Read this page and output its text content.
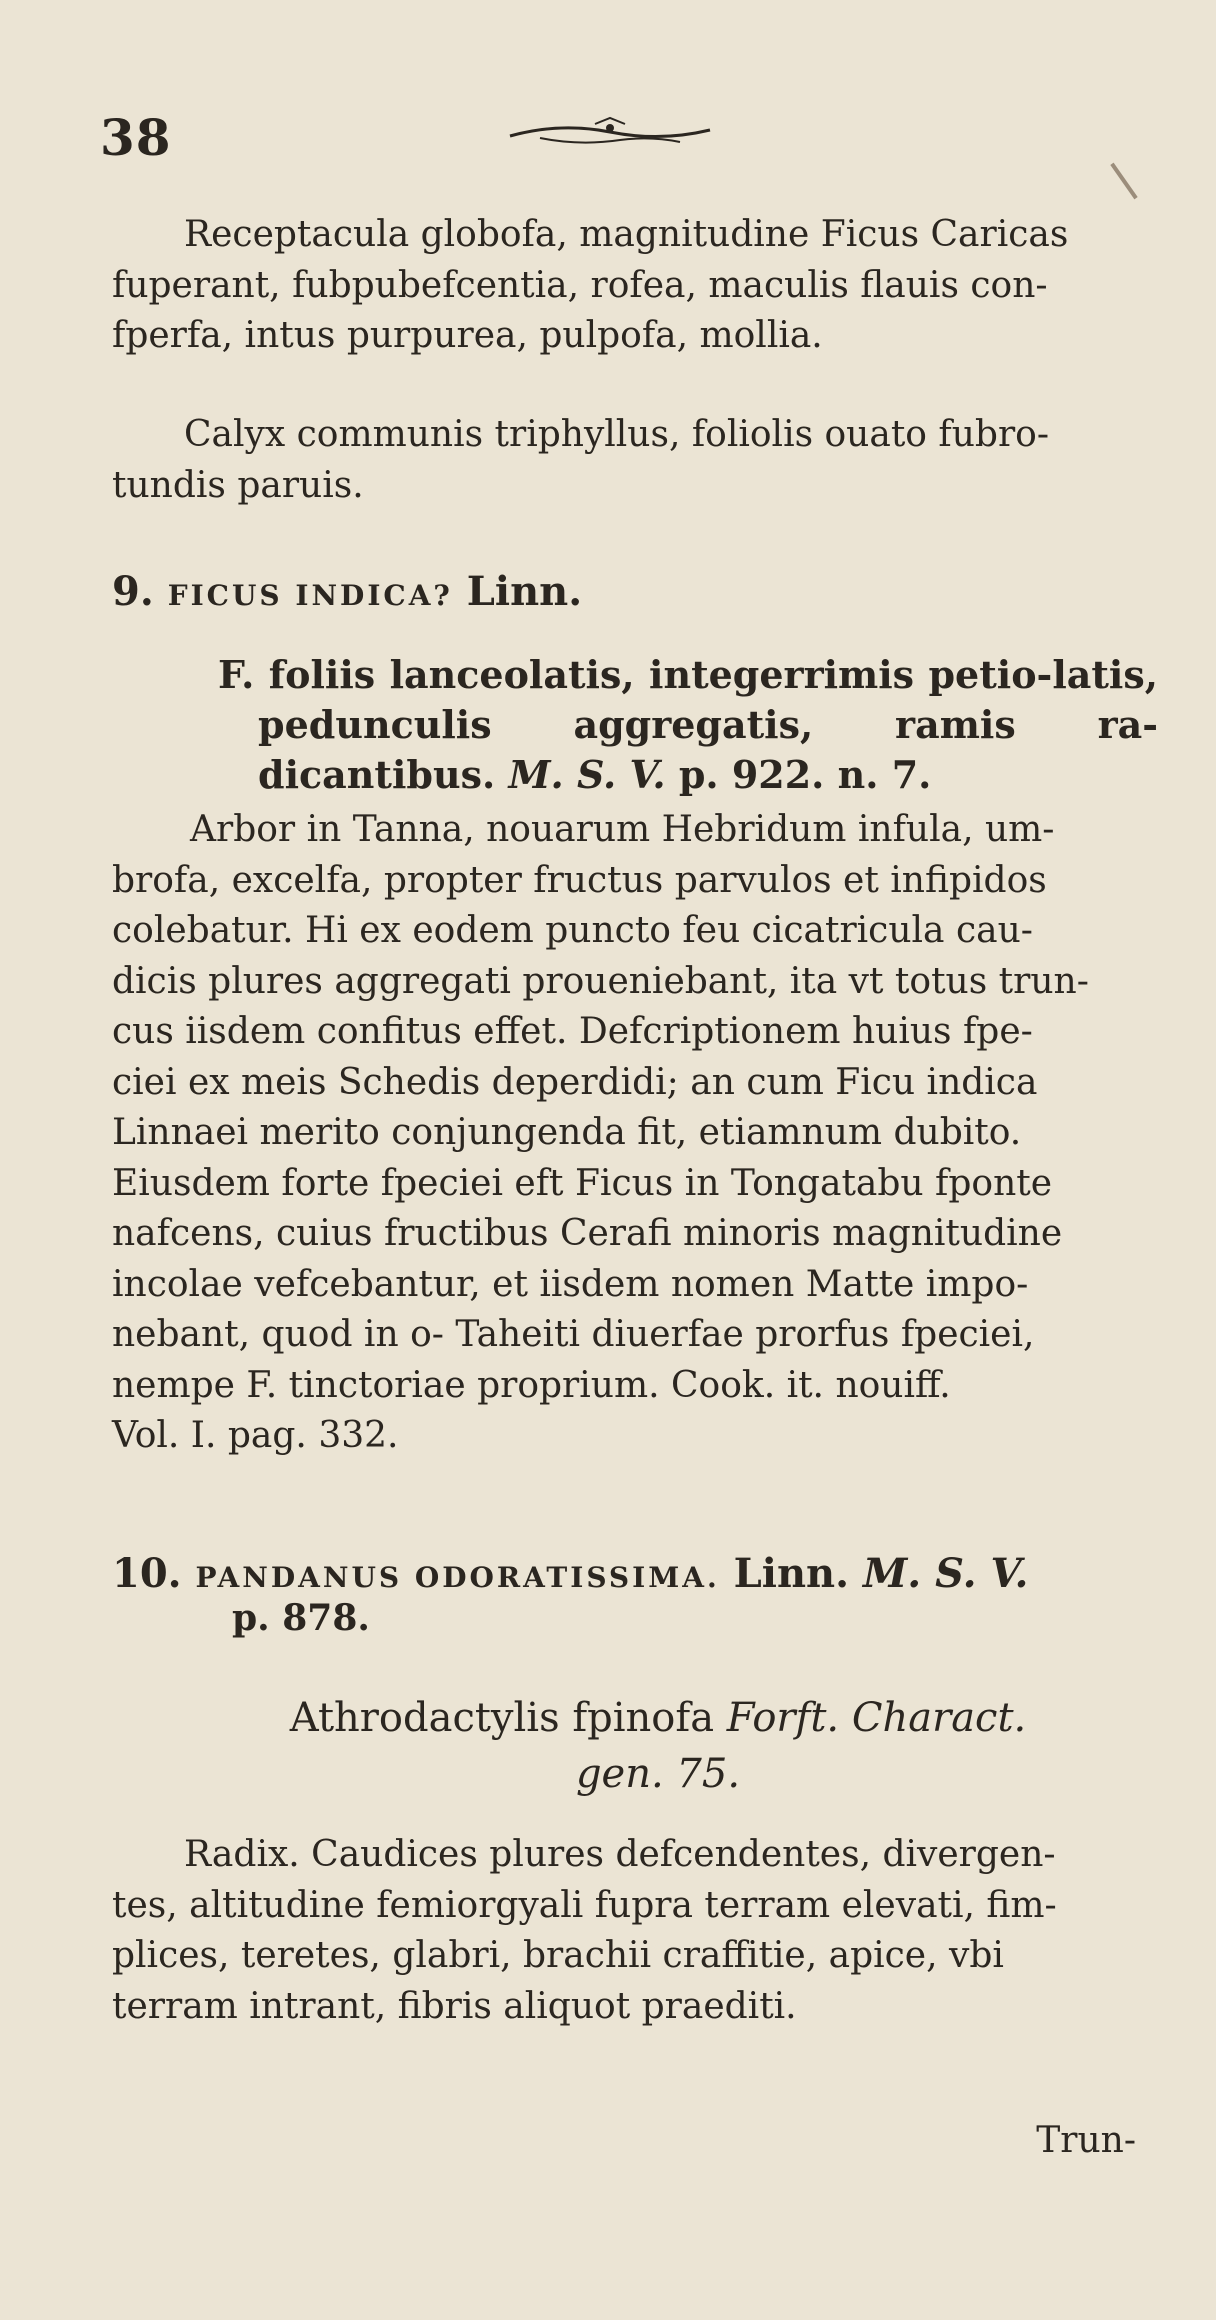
38
Receptacula globofa, magnitudine Ficus Caricas
fuperant, fubpubefcentia, rofea, maculis flauis con-
fperfa, intus purpurea, pulpofa, mollia.
Calyx communis triphyllus, foliolis ouato fubro-
tundis paruis.
9. FICUS INDICA? Linn.
F. foliis lanceolatis, integerrimis petio-latis, pedunculis aggregatis, ramis ra-dicantibus. M. S. V. p. 922. n. 7.
Arbor in Tanna, nouarum Hebridum infula, um-
brofa, excelfa, propter fructus parvulos et infipidos
colebatur. Hi ex eodem puncto feu cicatricula cau-
dicis plures aggregati proueniebant, ita vt totus trun-
cus iisdem confitus effet. Defcriptionem huius fpe-
ciei ex meis Schedis deperdidi; an cum Ficu indica
Linnaei merito conjungenda fit, etiamnum dubito.
Eiusdem forte fpeciei eft Ficus in Tongatabu fponte
nafcens, cuius fructibus Cerafi minoris magnitudine
incolae vefcebantur, et iisdem nomen Matte impo-
nebant, quod in o- Taheiti diuerfae prorfus fpeciei,
nempe F. tinctoriae proprium. Cook. it. nouiff.
Vol. I. pag. 332.
10. PANDANUS ODORATISSIMA. Linn. M. S. V.
p. 878.
Athrodactylis fpinofa Forft. Charact.
gen. 75.
Radix. Caudices plures defcendentes, divergen-
tes, altitudine femiorgyali fupra terram elevati, fim-
plices, teretes, glabri, brachii craffitie, apice, vbi
terram intrant, fibris aliquot praediti.
Trun-
